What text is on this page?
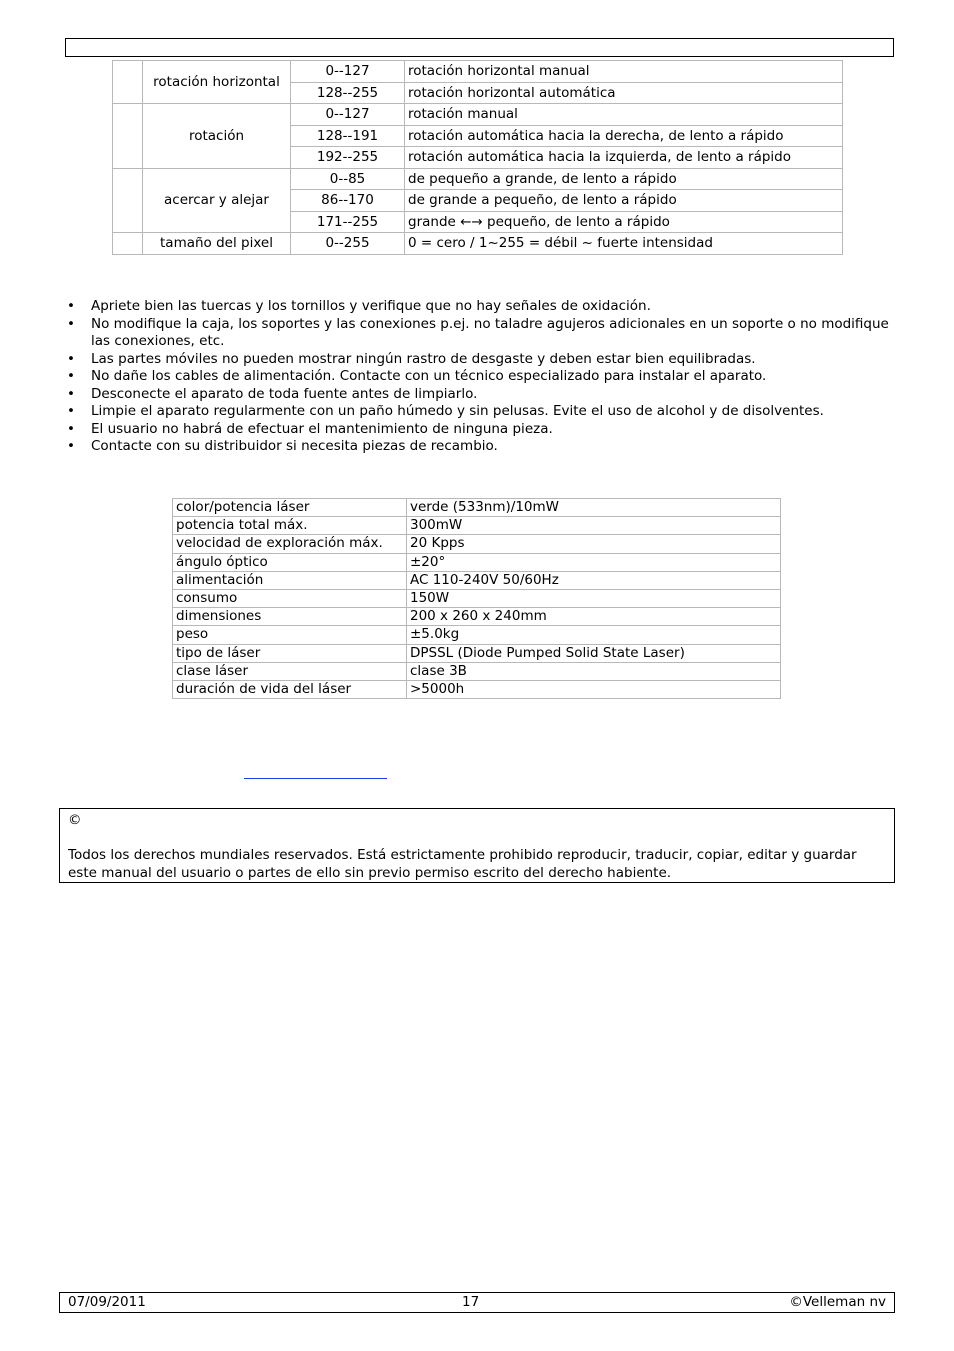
	rotación horizontal	0--127	rotación horizontal manual
		128--255	rotación horizontal automática
	rotación	0--127	rotación manual
		128--191	rotación automática hacia la derecha, de lento a rápido
		192--255	rotación automática hacia la izquierda, de lento a rápido
	acercar y alejar	0--85	de pequeño a grande, de lento a rápido
		86--170	de grande a pequeño, de lento a rápido
		171--255	grande ←→ pequeño, de lento a rápido
	tamaño del pixel	0--255	0 = cero / 1~255 = débil ~ fuerte intensidad
• Apriete bien las tuercas y los tornillos y verifique que no hay señales de oxidación.
• No modifique la caja, los soportes y las conexiones p.ej. no taladre agujeros adicionales en un soporte o no modifique las conexiones, etc.
• Las partes móviles no pueden mostrar ningún rastro de desgaste y deben estar bien equilibradas.
• No dañe los cables de alimentación. Contacte con un técnico especializado para instalar el aparato.
• Desconecte el aparato de toda fuente antes de limpiarlo.
• Limpie el aparato regularmente con un paño húmedo y sin pelusas. Evite el uso de alcohol y de disolventes.
• El usuario no habrá de efectuar el mantenimiento de ninguna pieza.
• Contacte con su distribuidor si necesita piezas de recambio.
color/potencia láser	verde (533nm)/10mW
potencia total máx.	300mW
velocidad de exploración máx.	20 Kpps
ángulo óptico	±20°
alimentación	AC 110-240V 50/60Hz
consumo	150W
dimensiones	200 x 260 x 240mm
peso	±5.0kg
tipo de láser	DPSSL (Diode Pumped Solid State Laser)
clase láser	clase 3B
duración de vida del láser	>5000h

©

Todos los derechos mundiales reservados. Está estrictamente prohibido reproducir, traducir, copiar, editar y guardar este manual del usuario o partes de ello sin previo permiso escrito del derecho habiente.

07/09/2011	17	©Velleman nv
